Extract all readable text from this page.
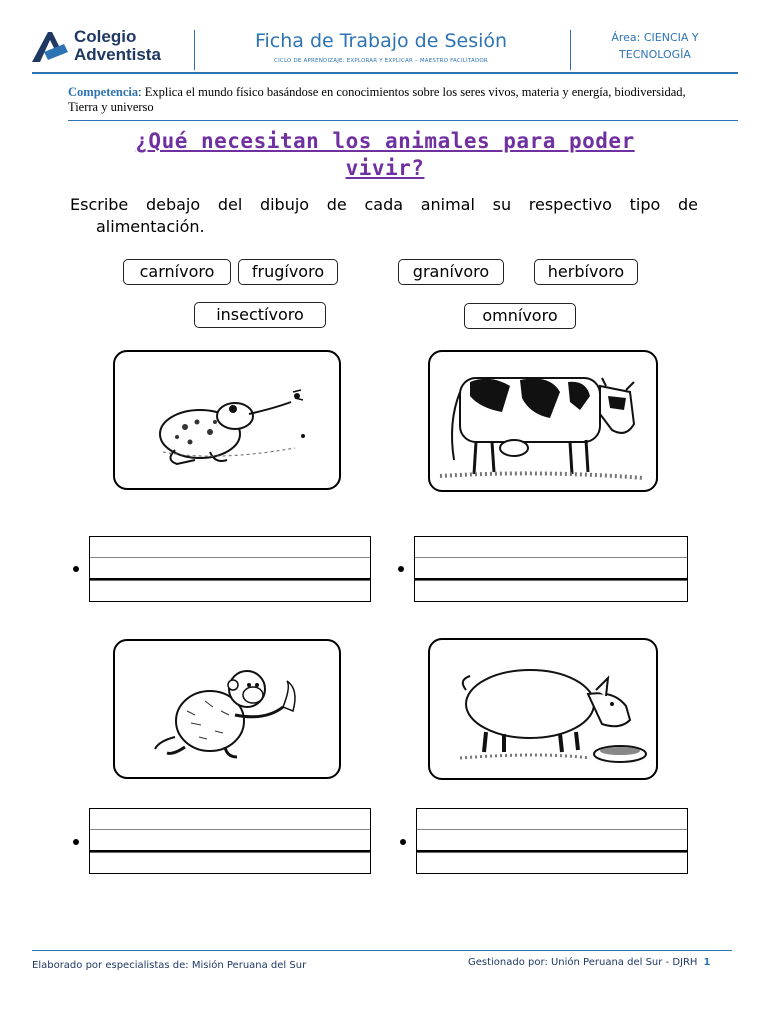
Colegio
Adventista
Ficha de Trabajo de Sesión
CICLO DE APRENDIZAJE: EXPLORAR Y EXPLICAR – MAESTRO FACILITADOR
Área: CIENCIA Y
TECNOLOGÍA
Competencia: Explica el mundo físico basándose en conocimientos sobre los seres vivos, materia y energía, biodiversidad, Tierra y universo
¿Qué necesitan los animales para poder
vivir?
Escribe debajo del dibujo de cada animal su respectivo tipo de
alimentación.
carnívoro	frugívoro	granívoro	herbívoro
insectívoro	omnívoro
Elaborado por especialistas de: Misión Peruana del Sur	Gestionado por: Unión Peruana del Sur - DJRH 1
